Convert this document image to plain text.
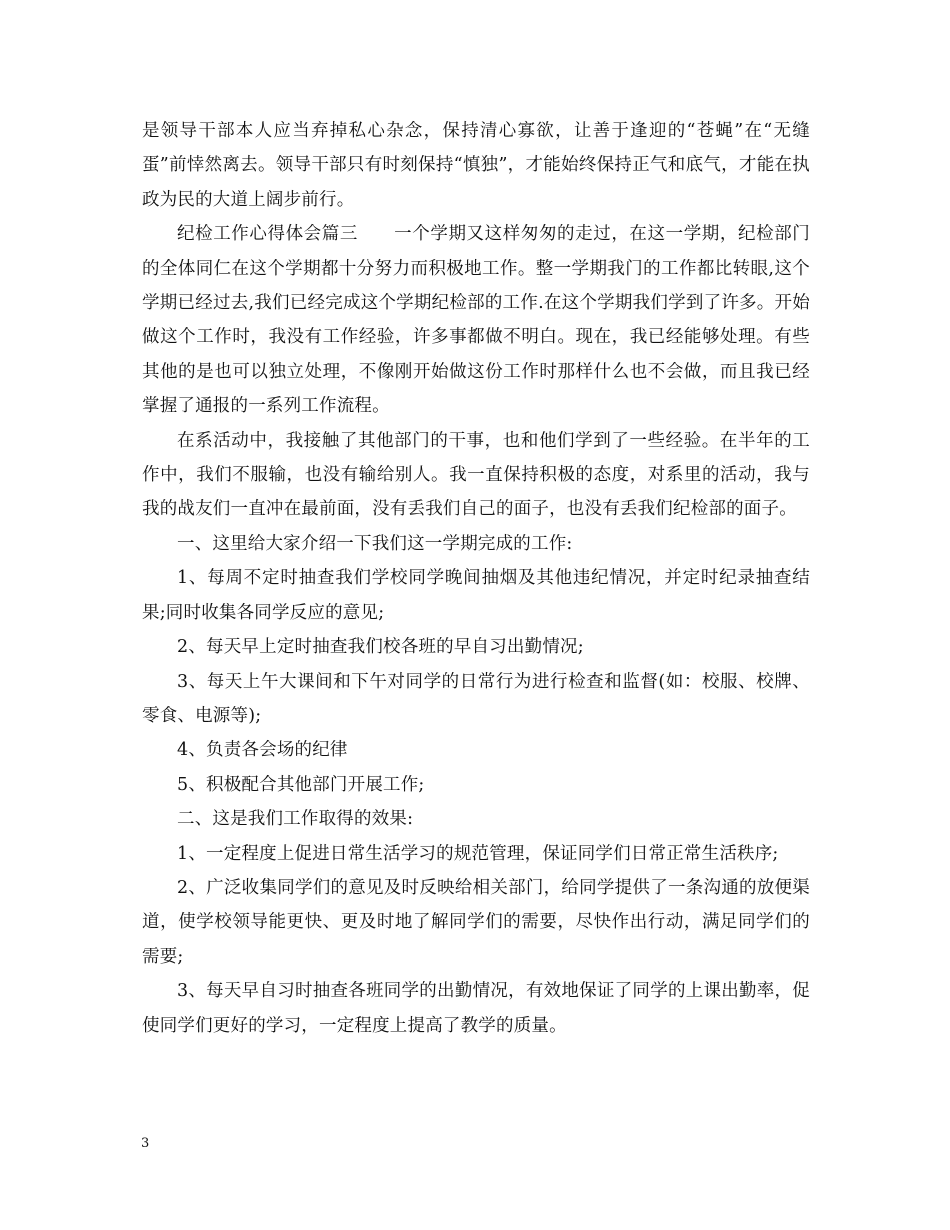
是领导干部本人应当弃掉私心杂念，保持清心寡欲，让善于逢迎的“苍蝇”在“无缝蛋”前悻然离去。领导干部只有时刻保持“慎独”，才能始终保持正气和底气，才能在执政为民的大道上阔步前行。

纪检工作心得体会篇三　　一个学期又这样匆匆的走过，在这一学期，纪检部门的全体同仁在这个学期都十分努力而积极地工作。整一学期我门的工作都比转眼,这个学期已经过去,我们已经完成这个学期纪检部的工作.在这个学期我们学到了许多。开始做这个工作时，我没有工作经验，许多事都做不明白。现在，我已经能够处理。有些其他的是也可以独立处理，不像刚开始做这份工作时那样什么也不会做，而且我已经掌握了通报的一系列工作流程。

在系活动中，我接触了其他部门的干事，也和他们学到了一些经验。在半年的工作中，我们不服输，也没有输给别人。我一直保持积极的态度，对系里的活动，我与我的战友们一直冲在最前面，没有丢我们自己的面子，也没有丢我们纪检部的面子。

一、这里给大家介绍一下我们这一学期完成的工作:

1、每周不定时抽查我们学校同学晚间抽烟及其他违纪情况，并定时纪录抽查结果;同时收集各同学反应的意见;

2、每天早上定时抽查我们校各班的早自习出勤情况;

3、每天上午大课间和下午对同学的日常行为进行检查和监督(如：校服、校牌、零食、电源等);

4、负责各会场的纪律

5、积极配合其他部门开展工作;

二、这是我们工作取得的效果:

1、一定程度上促进日常生活学习的规范管理，保证同学们日常正常生活秩序;

2、广泛收集同学们的意见及时反映给相关部门，给同学提供了一条沟通的放便渠道，使学校领导能更快、更及时地了解同学们的需要，尽快作出行动，满足同学们的需要;

3、每天早自习时抽查各班同学的出勤情况，有效地保证了同学的上课出勤率，促使同学们更好的学习，一定程度上提高了教学的质量。

3
